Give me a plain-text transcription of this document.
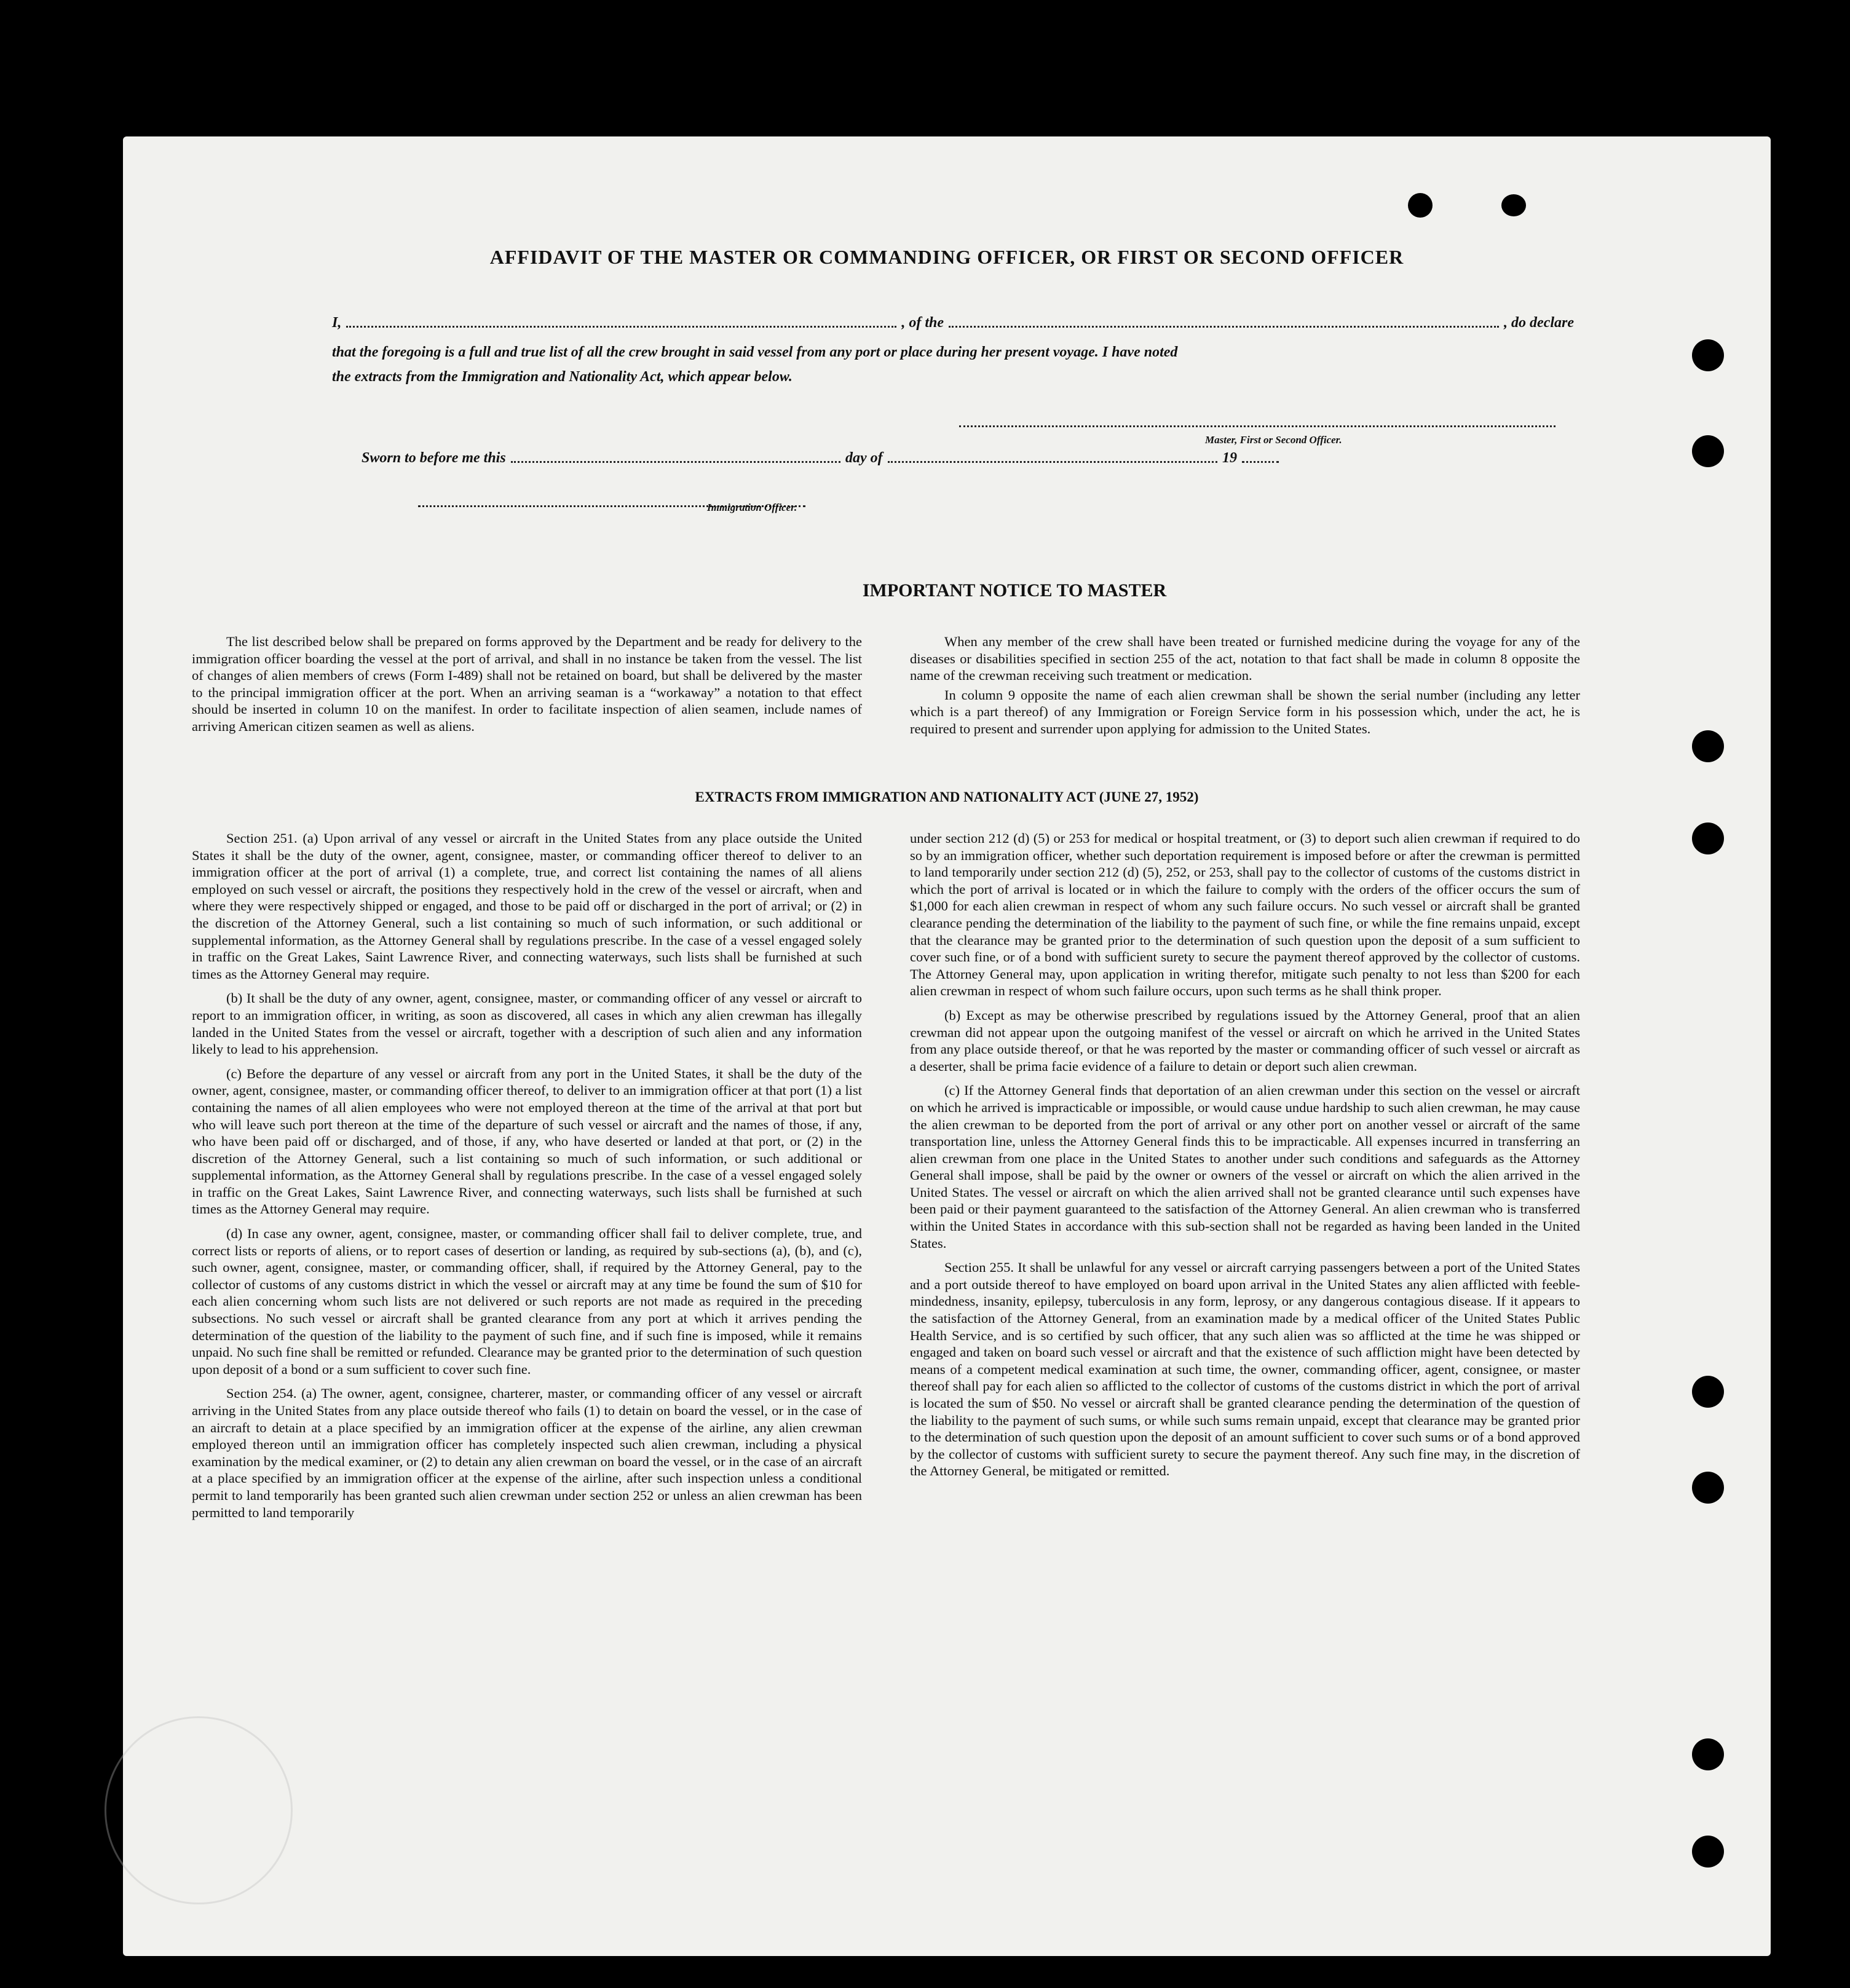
AFFIDAVIT OF THE MASTER OR COMMANDING OFFICER, OR FIRST OR SECOND OFFICER
I,	, of the	, do declare
that the foregoing is a full and true list of all the crew brought in said vessel from any port or place during her present voyage. I have noted
the extracts from the Immigration and Nationality Act, which appear below.
Master, First or Second Officer.
Sworn to before me this	day of	19
Immigration Officer.
IMPORTANT NOTICE TO MASTER

The list described below shall be prepared on forms approved by the Department and be ready for delivery to the immigration officer boarding the vessel at the port of arrival, and shall in no instance be taken from the vessel. The list of changes of alien members of crews (Form I-489) shall not be retained on board, but shall be delivered by the master to the principal immigration officer at the port. When an arriving seaman is a “workaway” a notation to that effect should be inserted in column 10 on the manifest. In order to facilitate inspection of alien seamen, include names of arriving American citizen seamen as well as aliens.

When any member of the crew shall have been treated or furnished medicine during the voyage for any of the diseases or disabilities specified in section 255 of the act, notation to that fact shall be made in column 8 opposite the name of the crewman receiving such treatment or medication.

In column 9 opposite the name of each alien crewman shall be shown the serial number (including any letter which is a part thereof) of any Immigration or Foreign Service form in his possession which, under the act, he is required to present and surrender upon applying for admission to the United States.

EXTRACTS FROM IMMIGRATION AND NATIONALITY ACT (JUNE 27, 1952)

Section 251. (a) Upon arrival of any vessel or aircraft in the United States from any place outside the United States it shall be the duty of the owner, agent, consignee, master, or commanding officer thereof to deliver to an immigration officer at the port of arrival (1) a complete, true, and correct list containing the names of all aliens employed on such vessel or aircraft, the positions they respectively hold in the crew of the vessel or aircraft, when and where they were respectively shipped or engaged, and those to be paid off or discharged in the port of arrival; or (2) in the discretion of the Attorney General, such a list containing so much of such information, or such additional or supplemental information, as the Attorney General shall by regulations prescribe. In the case of a vessel engaged solely in traffic on the Great Lakes, Saint Lawrence River, and connecting waterways, such lists shall be furnished at such times as the Attorney General may require.

(b) It shall be the duty of any owner, agent, consignee, master, or commanding officer of any vessel or aircraft to report to an immigration officer, in writing, as soon as discovered, all cases in which any alien crewman has illegally landed in the United States from the vessel or aircraft, together with a description of such alien and any information likely to lead to his apprehension.

(c) Before the departure of any vessel or aircraft from any port in the United States, it shall be the duty of the owner, agent, consignee, master, or commanding officer thereof, to deliver to an immigration officer at that port (1) a list containing the names of all alien employees who were not employed thereon at the time of the arrival at that port but who will leave such port thereon at the time of the departure of such vessel or aircraft and the names of those, if any, who have been paid off or discharged, and of those, if any, who have deserted or landed at that port, or (2) in the discretion of the Attorney General, such a list containing so much of such information, or such additional or supplemental information, as the Attorney General shall by regulations prescribe. In the case of a vessel engaged solely in traffic on the Great Lakes, Saint Lawrence River, and connecting waterways, such lists shall be furnished at such times as the Attorney General may require.

(d) In case any owner, agent, consignee, master, or commanding officer shall fail to deliver complete, true, and correct lists or reports of aliens, or to report cases of desertion or landing, as required by sub-sections (a), (b), and (c), such owner, agent, consignee, master, or commanding officer, shall, if required by the Attorney General, pay to the collector of customs of any customs district in which the vessel or aircraft may at any time be found the sum of $10 for each alien concerning whom such lists are not delivered or such reports are not made as required in the preceding subsections. No such vessel or aircraft shall be granted clearance from any port at which it arrives pending the determination of the question of the liability to the payment of such fine, and if such fine is imposed, while it remains unpaid. No such fine shall be remitted or refunded. Clearance may be granted prior to the determination of such question upon deposit of a bond or a sum sufficient to cover such fine.

Section 254. (a) The owner, agent, consignee, charterer, master, or commanding officer of any vessel or aircraft arriving in the United States from any place outside thereof who fails (1) to detain on board the vessel, or in the case of an aircraft to detain at a place specified by an immigration officer at the expense of the airline, any alien crewman employed thereon until an immigration officer has completely inspected such alien crewman, including a physical examination by the medical examiner, or (2) to detain any alien crewman on board the vessel, or in the case of an aircraft at a place specified by an immigration officer at the expense of the airline, after such inspection unless a conditional permit to land temporarily has been granted such alien crewman under section 252 or unless an alien crewman has been permitted to land temporarily

under section 212 (d) (5) or 253 for medical or hospital treatment, or (3) to deport such alien crewman if required to do so by an immigration officer, whether such deportation requirement is imposed before or after the crewman is permitted to land temporarily under section 212 (d) (5), 252, or 253, shall pay to the collector of customs of the customs district in which the port of arrival is located or in which the failure to comply with the orders of the officer occurs the sum of $1,000 for each alien crewman in respect of whom any such failure occurs. No such vessel or aircraft shall be granted clearance pending the determination of the liability to the payment of such fine, or while the fine remains unpaid, except that the clearance may be granted prior to the determination of such question upon the deposit of a sum sufficient to cover such fine, or of a bond with sufficient surety to secure the payment thereof approved by the collector of customs. The Attorney General may, upon application in writing therefor, mitigate such penalty to not less than $200 for each alien crewman in respect of whom such failure occurs, upon such terms as he shall think proper.

(b) Except as may be otherwise prescribed by regulations issued by the Attorney General, proof that an alien crewman did not appear upon the outgoing manifest of the vessel or aircraft on which he arrived in the United States from any place outside thereof, or that he was reported by the master or commanding officer of such vessel or aircraft as a deserter, shall be prima facie evidence of a failure to detain or deport such alien crewman.

(c) If the Attorney General finds that deportation of an alien crewman under this section on the vessel or aircraft on which he arrived is impracticable or impossible, or would cause undue hardship to such alien crewman, he may cause the alien crewman to be deported from the port of arrival or any other port on another vessel or aircraft of the same transportation line, unless the Attorney General finds this to be impracticable. All expenses incurred in transferring an alien crewman from one place in the United States to another under such conditions and safeguards as the Attorney General shall impose, shall be paid by the owner or owners of the vessel or aircraft on which the alien arrived in the United States. The vessel or aircraft on which the alien arrived shall not be granted clearance until such expenses have been paid or their payment guaranteed to the satisfaction of the Attorney General. An alien crewman who is transferred within the United States in accordance with this sub-section shall not be regarded as having been landed in the United States.

Section 255. It shall be unlawful for any vessel or aircraft carrying passengers between a port of the United States and a port outside thereof to have employed on board upon arrival in the United States any alien afflicted with feeble-mindedness, insanity, epilepsy, tuberculosis in any form, leprosy, or any dangerous contagious disease. If it appears to the satisfaction of the Attorney General, from an examination made by a medical officer of the United States Public Health Service, and is so certified by such officer, that any such alien was so afflicted at the time he was shipped or engaged and taken on board such vessel or aircraft and that the existence of such affliction might have been detected by means of a competent medical examination at such time, the owner, commanding officer, agent, consignee, or master thereof shall pay for each alien so afflicted to the collector of customs of the customs district in which the port of arrival is located the sum of $50. No vessel or aircraft shall be granted clearance pending the determination of the question of the liability to the payment of such sums, or while such sums remain unpaid, except that clearance may be granted prior to the determination of such question upon the deposit of an amount sufficient to cover such sums or of a bond approved by the collector of customs with sufficient surety to secure the payment thereof. Any such fine may, in the discretion of the Attorney General, be mitigated or remitted.
